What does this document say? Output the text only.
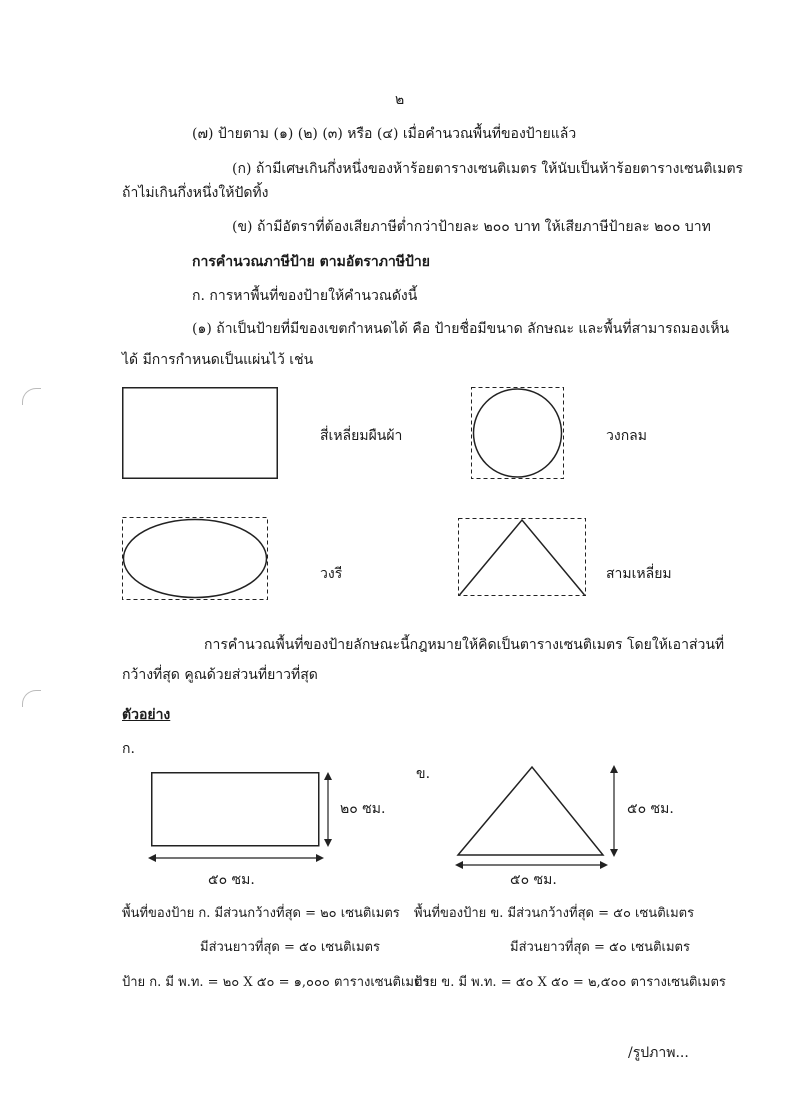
๒
(๗) ป้ายตาม (๑) (๒) (๓) หรือ (๔) เมื่อคำนวณพื้นที่ของป้ายแล้ว
(ก) ถ้ามีเศษเกินกึ่งหนึ่งของห้าร้อยตารางเซนติเมตร ให้นับเป็นห้าร้อยตารางเซนติเมตร
ถ้าไม่เกินกึ่งหนึ่งให้ปัดทิ้ง
(ข) ถ้ามีอัตราที่ต้องเสียภาษีต่ำกว่าป้ายละ ๒๐๐ บาท ให้เสียภาษีป้ายละ ๒๐๐ บาท
การคำนวณภาษีป้าย ตามอัตราภาษีป้าย
ก. การหาพื้นที่ของป้ายให้คำนวณดังนี้
(๑) ถ้าเป็นป้ายที่มีของเขตกำหนดได้ คือ ป้ายชื่อมีขนาด ลักษณะ และพื้นที่สามารถมองเห็น
ได้ มีการกำหนดเป็นแผ่นไว้ เช่น
สี่เหลี่ยมผืนผ้า	วงกลม
วงรี	สามเหลี่ยม
การคำนวณพื้นที่ของป้ายลักษณะนี้กฎหมายให้คิดเป็นตารางเซนติเมตร โดยให้เอาส่วนที่
กว้างที่สุด คูณด้วยส่วนที่ยาวที่สุด
ตัวอย่าง
ก.
๒๐ ซม.
๕๐ ซม.
ข.
๕๐ ซม.
๕๐ ซม.
พื้นที่ของป้าย ก. มีส่วนกว้างที่สุด = ๒๐ เซนติเมตร
มีส่วนยาวที่สุด = ๕๐ เซนติเมตร
ป้าย ก. มี พ.ท. = ๒๐ X ๕๐ = ๑,๐๐๐ ตารางเซนติเมตร
พื้นที่ของป้าย ข. มีส่วนกว้างที่สุด = ๕๐ เซนติเมตร
มีส่วนยาวที่สุด = ๕๐ เซนติเมตร
ป้าย ข. มี พ.ท. = ๕๐ X ๕๐ = ๒,๕๐๐ ตารางเซนติเมตร
/รูปภาพ...
